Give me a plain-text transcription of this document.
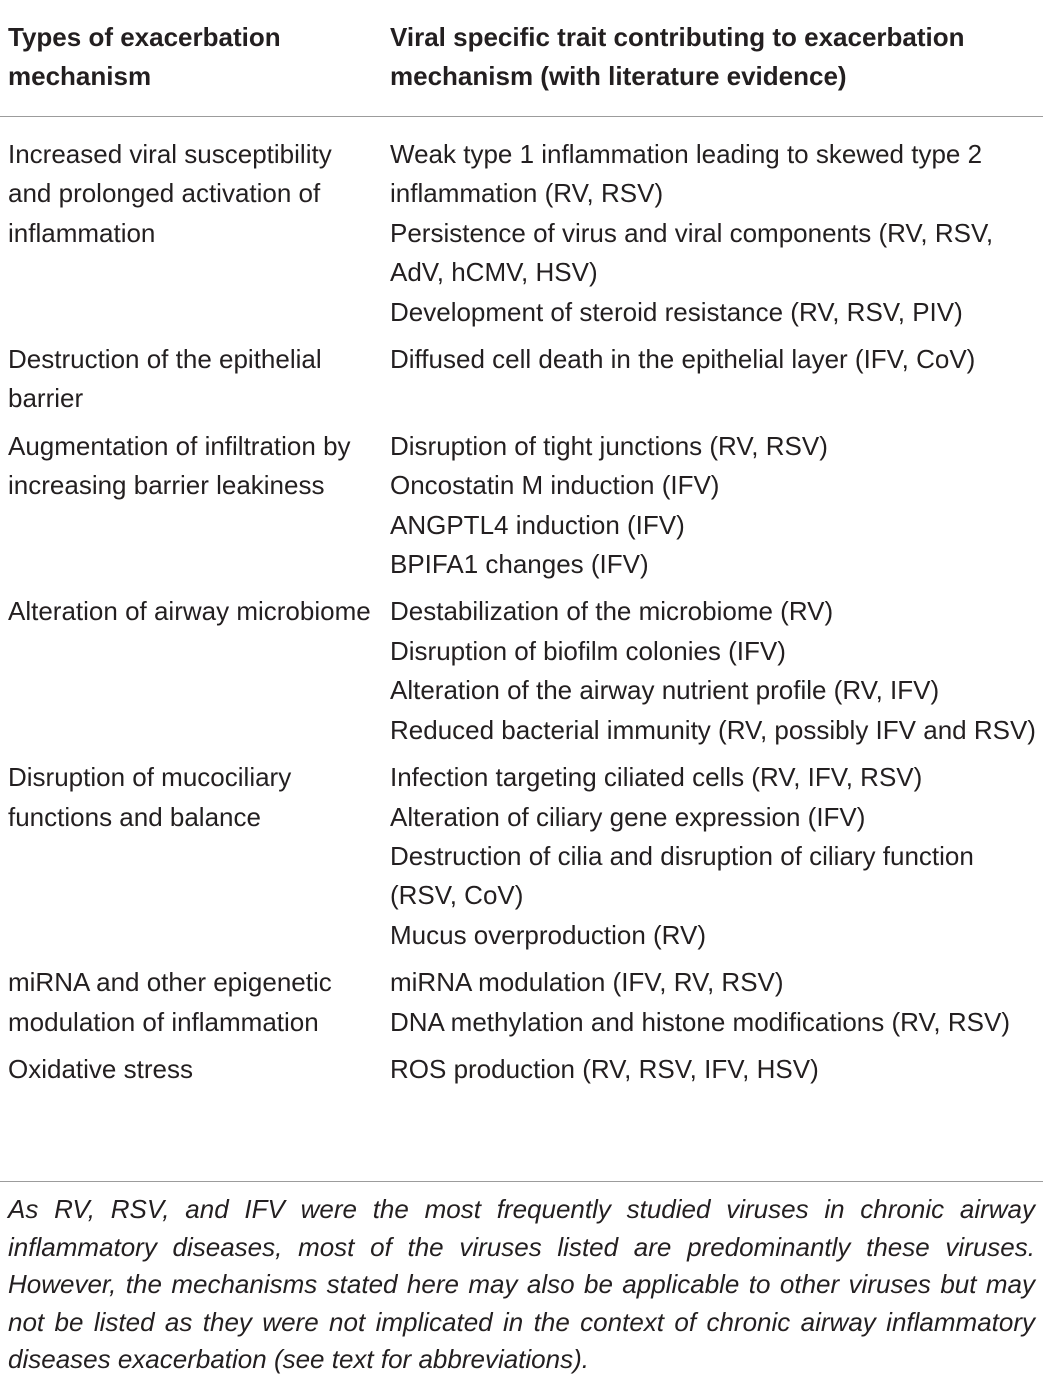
Types of exacerbation mechanism	Viral specific trait contributing to exacerbation mechanism (with literature evidence)

Increased viral susceptibility and prolonged activation of inflammation	Weak type 1 inflammation leading to skewed type 2 inflammation (RV, RSV)
Persistence of virus and viral components (RV, RSV, AdV, hCMV, HSV)
Development of steroid resistance (RV, RSV, PIV)

Destruction of the epithelial barrier	Diffused cell death in the epithelial layer (IFV, CoV)

Augmentation of infiltration by increasing barrier leakiness	Disruption of tight junctions (RV, RSV)
Oncostatin M induction (IFV)
ANGPTL4 induction (IFV)
BPIFA1 changes (IFV)

Alteration of airway microbiome	Destabilization of the microbiome (RV)
Disruption of biofilm colonies (IFV)
Alteration of the airway nutrient profile (RV, IFV)
Reduced bacterial immunity (RV, possibly IFV and RSV)

Disruption of mucociliary functions and balance	Infection targeting ciliated cells (RV, IFV, RSV)
Alteration of ciliary gene expression (IFV)
Destruction of cilia and disruption of ciliary function (RSV, CoV)
Mucus overproduction (RV)

miRNA and other epigenetic modulation of inflammation	miRNA modulation (IFV, RV, RSV)
DNA methylation and histone modifications (RV, RSV)

Oxidative stress	ROS production (RV, RSV, IFV, HSV)

As RV, RSV, and IFV were the most frequently studied viruses in chronic airway inflammatory diseases, most of the viruses listed are predominantly these viruses. However, the mechanisms stated here may also be applicable to other viruses but may not be listed as they were not implicated in the context of chronic airway inflammatory diseases exacerbation (see text for abbreviations).
